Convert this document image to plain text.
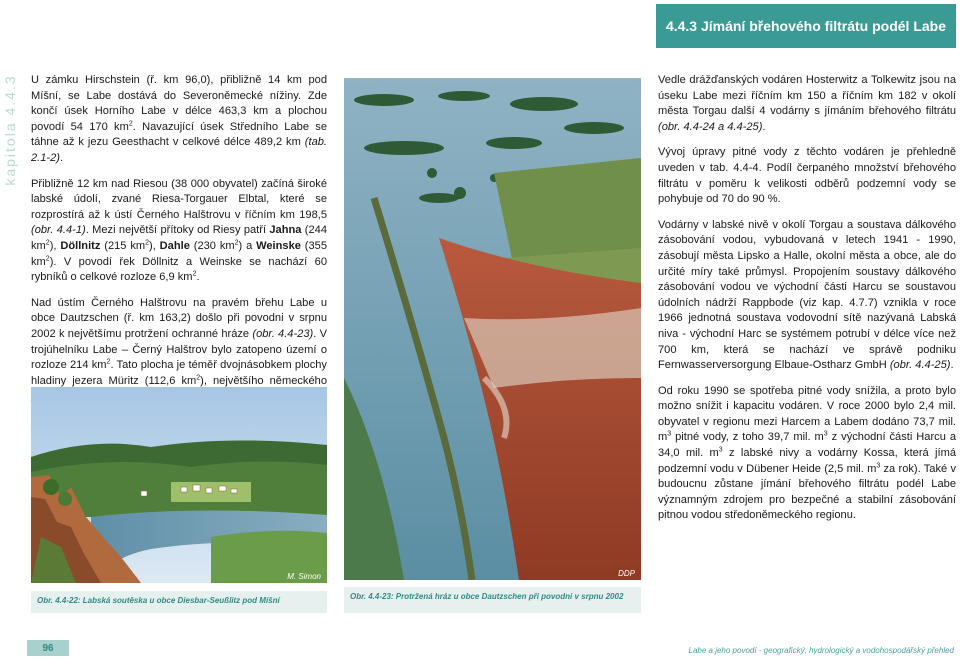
4.4.3 Jímání břehového filtrátu podél Labe
kapitola 4.4.3 U zámku Hirschstein (ř. km 96,0), přibližně 14 km pod Míšní, se Labe dostává do Severoněmecké nížiny. Zde končí úsek Horního Labe v délce 463,3 km a plochou povodí 54 170 $km^2$. Navazující úsek Středního Labe se táhne až k jezu Geesthacht v celkové délce 489,2 km (tab. 2.1-2).

Přibližně 12 km nad Riesou (38 000 obyvatel) začíná široké labské údolí, zvané Riesa-Torgauer Elbtal, které se rozprostírá až k ústí Černého Halštrovu v říčním km 198,5 (obr. 4.4-1). Mezi největší přítoky od Riesy patří Jahna (244 $km^2$), Döllnitz (215 $km^2$), Dahle (230 $km^2$) a Weinske (355 $km^2$). V povodí řek Döllnitz a Weinske se nachází 60 rybníků o celkové rozloze 6,9 $km^2$.

Nad ústím Černého Halštrovu na pravém břehu Labe u obce Dautzschen (ř. km 163,2) došlo při povodni v srpnu 2002 k největšímu protržení ochranné hráze (obr. 4.4-23). V trojúhelníku Labe – Černý Halštrov bylo zatopeno území o rozloze 214 $km^2$. Tato plocha je téměř dvojnásobkem plochy hladiny jezera Müritz (112,6 $km^2$), největšího německého

M. Simon
Obr. 4.4-22: Labská soutěska u obce Diesbar-Seußlitz pod Míšní
DDP
Obr. 4.4-23: Protržená hráz u obce Dautzschen při povodni v srpnu 2002

Vedle drážďanských vodáren Hosterwitz a Tolkewitz jsou na úseku Labe mezi říčním km 150 a říčním km 182 v okolí města Torgau další 4 vodárny s jímáním břehového filtrátu (obr. 4.4-24 a 4.4-25).

Vývoj úpravy pitné vody z těchto vodáren je přehledně uveden v tab. 4.4-4. Podíl čerpaného množství břehového filtrátu v poměru k velikosti odběrů podzemní vody se pohybuje od 70 do 90 %.

Vodárny v labské nivě v okolí Torgau a soustava dálkového zásobování vodou, vybudovaná v letech 1941 - 1990, zásobují města Lipsko a Halle, okolní města a obce, ale do určité míry také průmysl. Propojením soustavy dálkového zásobování vodou ve východní části Harcu se soustavou údolních nádrží Rappbode (viz kap. 4.7.7) vznikla v roce 1966 jednotná soustava vodovodní sítě nazývaná Labská niva - východní Harc se systémem potrubí v délce více než 700 km, která se nachází ve správě podniku Fernwasserversorgung Elbaue-Ostharz GmbH (obr. 4.4-25).

Od roku 1990 se spotřeba pitné vody snížila, a proto bylo možno snížit i kapacitu vodáren. V roce 2000 bylo 2,4 mil. obyvatel v regionu mezi Harcem a Labem dodáno 73,7 mil. $m^3$ pitné vody, z toho 39,7 mil. $m^3$ z východní části Harcu a 34,0 mil. $m^3$ z labské nivy a vodárny Kossa, která jímá podzemní vodu v Dübener Heide (2,5 mil. $m^3$ za rok). Také v budoucnu zůstane jímání břehového filtrátu podél Labe významným zdrojem pro bezpečné a stabilní zásobování pitnou vodou středoněmeckého regionu.

96	Labe a jeho povodí - geografický, hydrologický a vodohospodářský přehled
